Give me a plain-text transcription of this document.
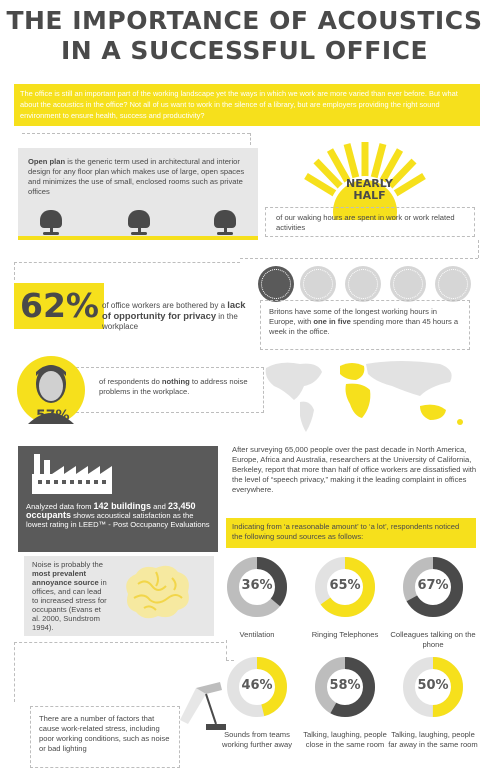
THE IMPORTANCE OF ACOUSTICS
IN A SUCCESSFUL OFFICE
The office is still an important part of the working landscape yet the ways in which we work are more varied than ever before. But what about the acoustics in the office? Not all of us want to work in the silence of a library, but are employers providing the right sound environment to ensure health, success and productivity?
Open plan is the generic term used in architectural and interior design for any floor plan which makes use of large, open spaces and minimizes the use of small, enclosed rooms such as private offices
NEARLY
HALF
of our waking hours are spent in work or work related activities
Britons have some of the longest working hours in Europe, with one in five spending more than 45 hours a week in the office.
62% of office workers are bothered by a lack of opportunity for privacy in the workplace
of respondents do nothing to address noise problems in the workplace.
57%
Analyzed data from 142 buildings and 23,450 occupants shows acoustical satisfaction as the lowest rating in LEED™ - Post Occupancy Evaluations
After surveying 65,000 people over the past decade in North America, Europe, Africa and Australia, researchers at the University of California, Berkeley, report that more than half of office workers are dissatisfied with the level of “speech privacy,” making it the leading complaint in offices everywhere.
Indicating from ‘a reasonable amount’ to ‘a lot’, respondents noticed the following sound sources as follows:
Noise is probably the most prevalent annoyance source in offices, and can lead to increased stress for occupants (Evans et al. 2000, Sundstrom 1994).
36%
Ventilation
65%
Ringing Telephones
67%
Colleagues talking on the phone
46%
Sounds from teams working further away
58%
Talking, laughing, people close in the same room
50%
Talking, laughing, people far away in the same room
There are a number of factors that cause work-related stress, including poor working conditions, such as noise or bad lighting
